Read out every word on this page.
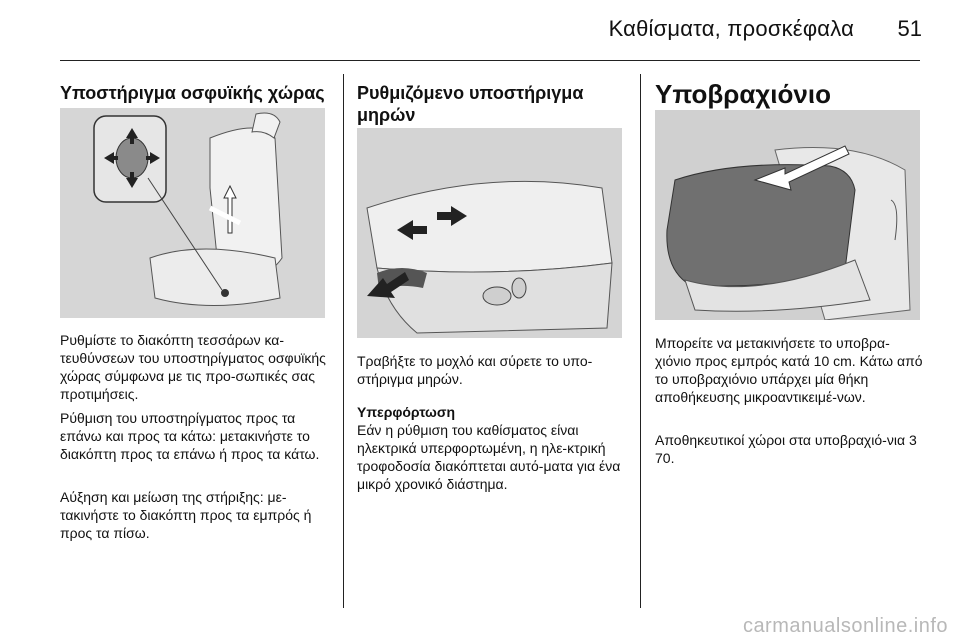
Καθίσματα, προσκέφαλα 51
Υποστήριγμα οσφυϊκής χώρας

Ρυθμίστε το διακόπτη τεσσάρων κα-τευθύνσεων του υποστηρίγματος οσφυϊκής χώρας σύμφωνα με τις προ-σωπικές σας προτιμήσεις.

Ρύθμιση του υποστηρίγματος προς τα επάνω και προς τα κάτω: μετακινήστε το διακόπτη προς τα επάνω ή προς τα κάτω.

Αύξηση και μείωση της στήριξης: με-τακινήστε το διακόπτη προς τα εμπρός ή προς τα πίσω.

Ρυθμιζόμενο υποστήριγμα μηρών

Τραβήξτε το μοχλό και σύρετε το υπο-στήριγμα μηρών.

Υπερφόρτωση

Εάν η ρύθμιση του καθίσματος είναι ηλεκτρικά υπερφορτωμένη, η ηλε-κτρική τροφοδοσία διακόπτεται αυτό-ματα για ένα μικρό χρονικό διάστημα.

Υποβραχιόνιο

Μπορείτε να μετακινήσετε το υποβρα-χιόνιο προς εμπρός κατά 10 cm. Κάτω από το υποβραχιόνιο υπάρχει μία θήκη αποθήκευσης μικροαντικειμέ-νων.

Αποθηκευτικοί χώροι στα υποβραχιό-νια 3 70.

carmanualsonline.info
